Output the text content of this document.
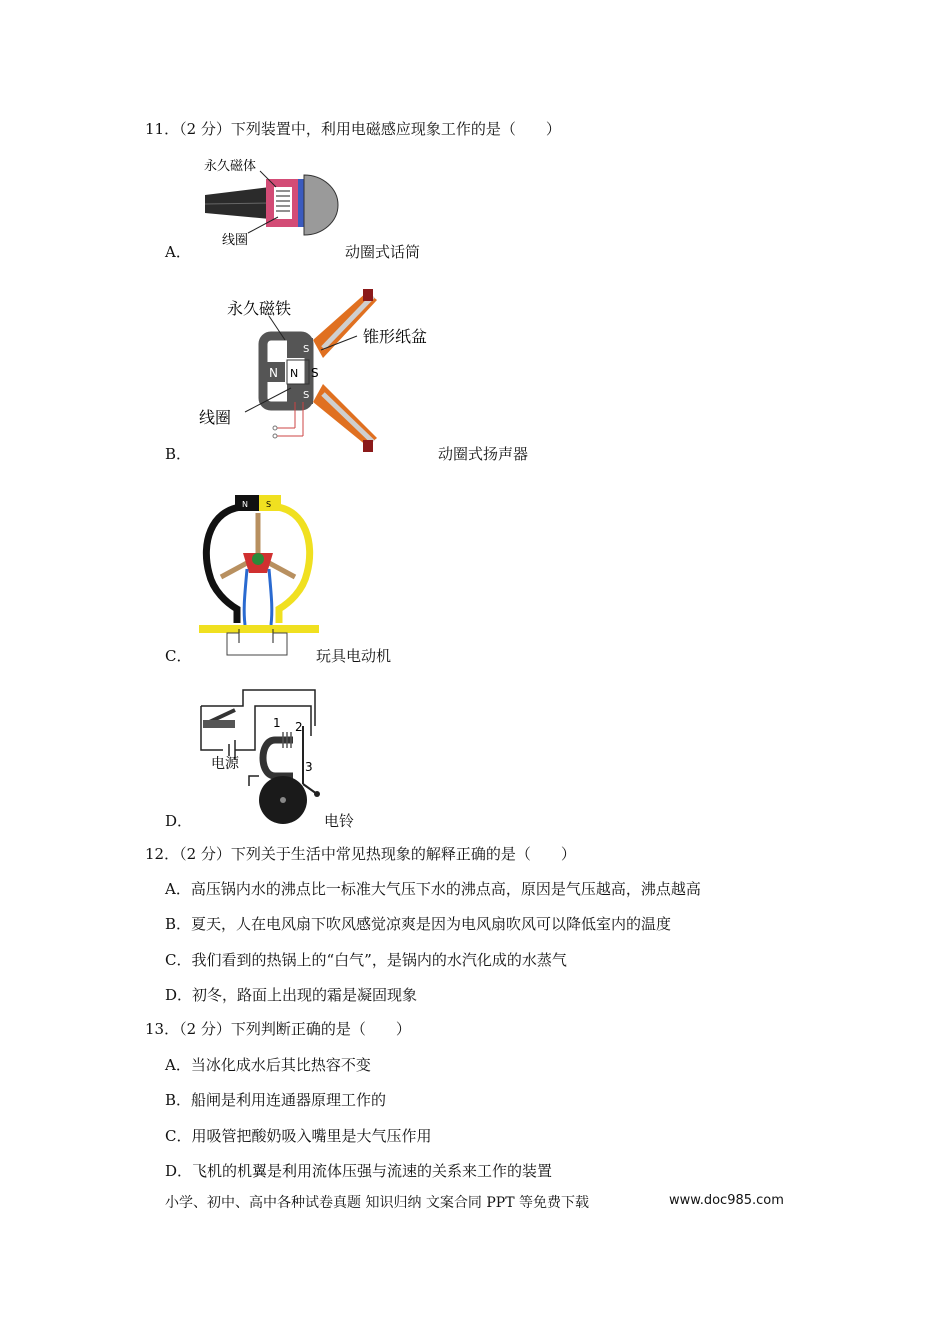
11．（2 分）下列装置中，利用电磁感应现象工作的是（　　）
A．
永久磁体
线圈
动圈式话筒
B．
永久磁铁
锥形纸盆
线圈
N N S
S
S
动圈式扬声器
C．
N S
玩具电动机
D．
电源
1 2
3
电铃
12．（2 分）下列关于生活中常见热现象的解释正确的是（　　）
A．高压锅内水的沸点比一标准大气压下水的沸点高，原因是气压越高，沸点越高
B．夏天，人在电风扇下吹风感觉凉爽是因为电风扇吹风可以降低室内的温度
C．我们看到的热锅上的“白气”，是锅内的水汽化成的水蒸气
D．初冬，路面上出现的霜是凝固现象
13．（2 分）下列判断正确的是（　　）
A．当冰化成水后其比热容不变
B．船闸是利用连通器原理工作的
C．用吸管把酸奶吸入嘴里是大气压作用
D．飞机的机翼是利用流体压强与流速的关系来工作的装置
小学、初中、高中各种试卷真题 知识归纳 文案合同 PPT 等免费下载	www.doc985.com
